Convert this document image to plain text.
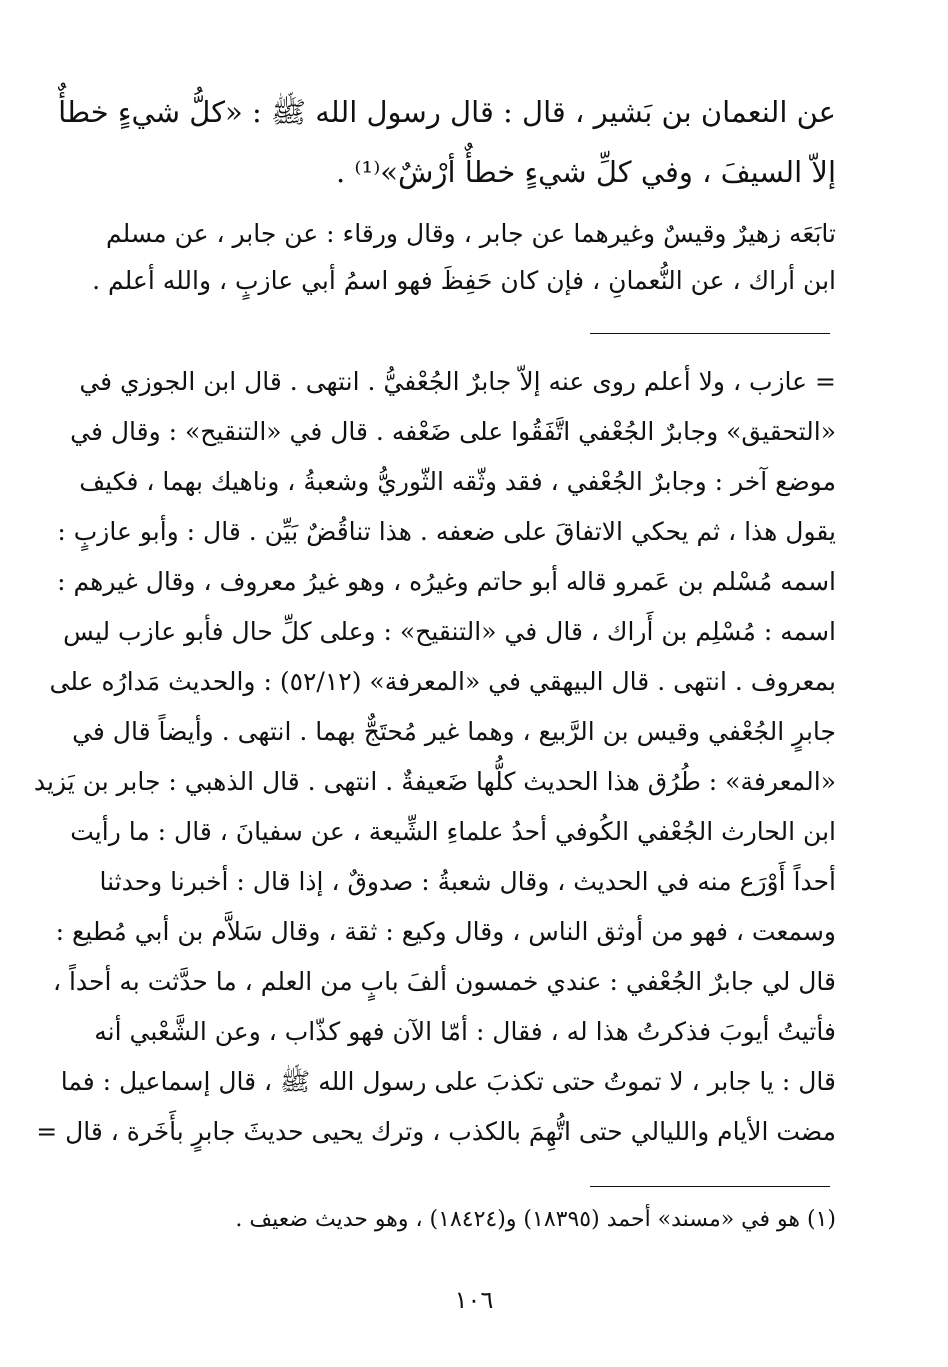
عن النعمان بن بَشير ، قال : قال رسول الله ﷺ : «كلُّ شيءٍ خطأٌ
إلاّ السيفَ ، وفي كلِّ شيءٍ خطأٌ أرْشٌ»⁽¹⁾ .
تابَعَه زهيرٌ وقيسٌ وغيرهما عن جابر ، وقال ورقاء : عن جابر ، عن مسلم
ابن أراك ، عن النُّعمانِ ، فإن كان حَفِظَ فهو اسمُ أبي عازبٍ ، والله أعلم .
= عازب ، ولا أعلم روى عنه إلاّ جابرٌ الجُعْفيُّ . انتهى . قال ابن الجوزي في
«التحقيق» وجابرٌ الجُعْفي اتَّفَقُوا على ضَعْفه . قال في «التنقيح» : وقال في
موضع آخر : وجابرٌ الجُعْفي ، فقد وثّقه الثّوريُّ وشعبةُ ، وناهيك بهما ، فكيف
يقول هذا ، ثم يحكي الاتفاقَ على ضعفه . هذا تناقُضٌ بَيِّن . قال : وأبو عازبٍ :
اسمه مُسْلم بن عَمرو قاله أبو حاتم وغيرُه ، وهو غيرُ معروف ، وقال غيرهم :
اسمه : مُسْلِم بن أَراك ، قال في «التنقيح» : وعلى كلِّ حال فأبو عازب ليس
بمعروف . انتهى . قال البيهقي في «المعرفة» (٥٢/١٢) : والحديث مَدارُه على
جابرٍ الجُعْفي وقيس بن الرَّبيع ، وهما غير مُحتَجٌّ بهما . انتهى . وأيضاً قال في
«المعرفة» : طُرُق هذا الحديث كلُّها ضَعيفةٌ . انتهى . قال الذهبي : جابر بن يَزيد
ابن الحارث الجُعْفي الكُوفي أحدُ علماءِ الشِّيعة ، عن سفيانَ ، قال : ما رأيت
أحداً أَوْرَع منه في الحديث ، وقال شعبةُ : صدوقٌ ، إذا قال : أخبرنا وحدثنا
وسمعت ، فهو من أوثق الناس ، وقال وكيع : ثقة ، وقال سَلاَّم بن أبي مُطيع :
قال لي جابرٌ الجُعْفي : عندي خمسون ألفَ بابٍ من العلم ، ما حدَّثت به أحداً ،
فأتيتُ أيوبَ فذكرتُ هذا له ، فقال : أمّا الآن فهو كذّاب ، وعن الشَّعْبي أنه
قال : يا جابر ، لا تموتُ حتى تكذبَ على رسول الله ﷺ ، قال إسماعيل : فما
مضت الأيام والليالي حتى اتُّهِمَ بالكذب ، وترك يحيى حديثَ جابرٍ بأَخَرة ، قال =
(١) هو في «مسند» أحمد (١٨٣٩٥) و(١٨٤٢٤) ، وهو حديث ضعيف .
١٠٦
